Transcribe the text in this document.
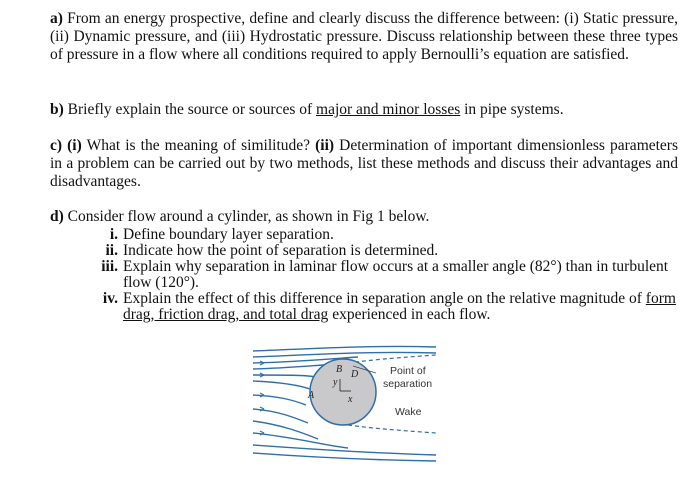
a) From an energy prospective, define and clearly discuss the difference between: (i) Static pressure, (ii) Dynamic pressure, and (iii) Hydrostatic pressure. Discuss relationship between these three types of pressure in a flow where all conditions required to apply Bernoulli’s equation are satisfied.
b) Briefly explain the source or sources of major and minor losses in pipe systems.
c) (i) What is the meaning of similitude? (ii) Determination of important dimensionless parameters in a problem can be carried out by two methods, list these methods and discuss their advantages and disadvantages.
d) Consider flow around a cylinder, as shown in Fig 1 below.
i. Define boundary layer separation.
ii. Indicate how the point of separation is determined.
iii. Explain why separation in laminar flow occurs at a smaller angle (82°) than in turbulent flow (120°).
iv. Explain the effect of this difference in separation angle on the relative magnitude of form drag, friction drag, and total drag experienced in each flow.
A
B D
y
x
Point of
separation
Wake
